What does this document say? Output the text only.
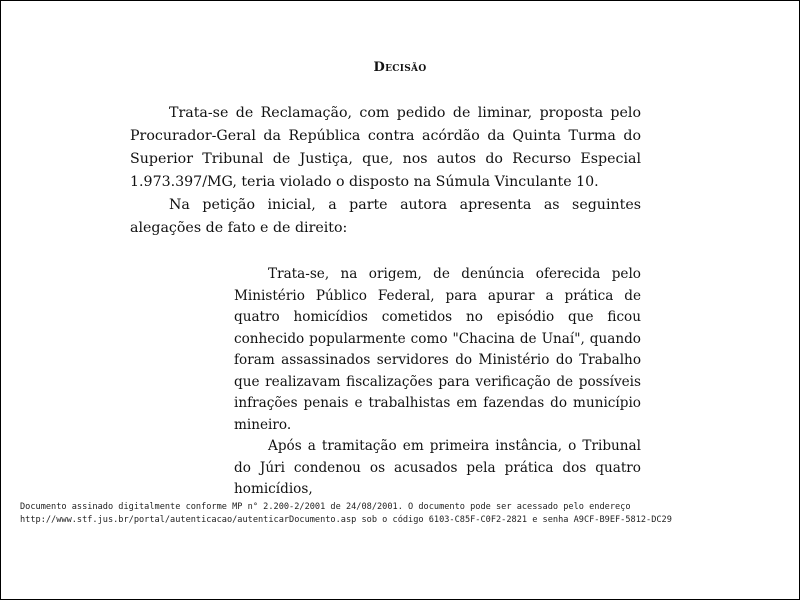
Decisão

Trata-se de Reclamação, com pedido de liminar, proposta pelo Procurador-Geral da República contra acórdão da Quinta Turma do Superior Tribunal de Justiça, que, nos autos do Recurso Especial 1.973.397/MG, teria violado o disposto na Súmula Vinculante 10.

Na petição inicial, a parte autora apresenta as seguintes alegações de fato e de direito:

Trata-se, na origem, de denúncia oferecida pelo Ministério Público Federal, para apurar a prática de quatro homicídios cometidos no episódio que ficou conhecido popularmente como "Chacina de Unaí", quando foram assassinados servidores do Ministério do Trabalho que realizavam fiscalizações para verificação de possíveis infrações penais e trabalhistas em fazendas do município mineiro.

Após a tramitação em primeira instância, o Tribunal do Júri condenou os acusados pela prática dos quatro homicídios,

Documento assinado digitalmente conforme MP n° 2.200-2/2001 de 24/08/2001. O documento pode ser acessado pelo endereço
http://www.stf.jus.br/portal/autenticacao/autenticarDocumento.asp sob o código 6103-C85F-C0F2-2821 e senha A9CF-B9EF-5812-DC29
